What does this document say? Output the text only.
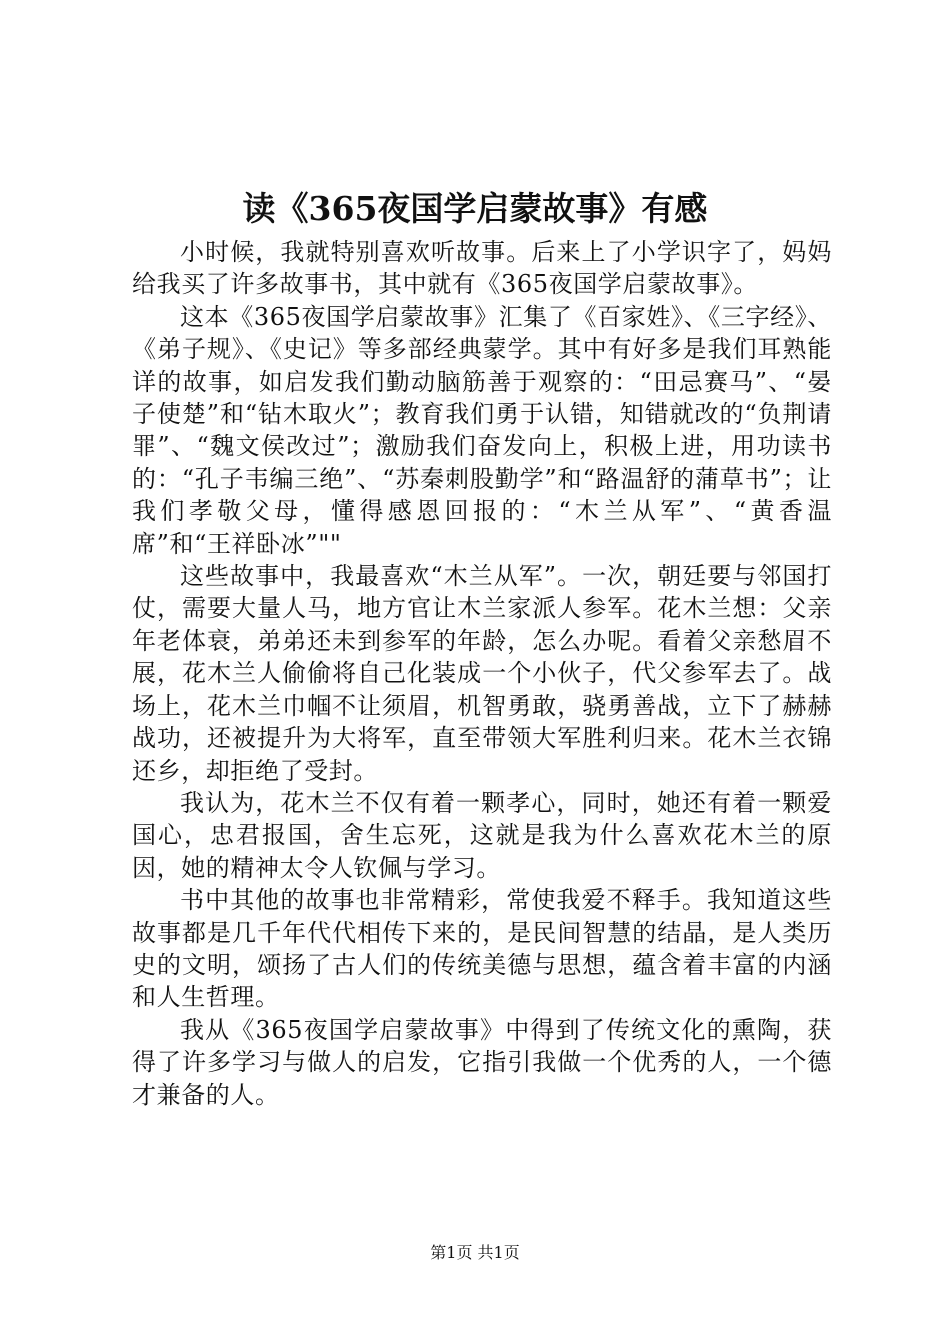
读《365夜国学启蒙故事》有感

小时候，我就特别喜欢听故事。后来上了小学识字了，妈妈给我买了许多故事书，其中就有《365夜国学启蒙故事》。

这本《365夜国学启蒙故事》汇集了《百家姓》、《三字经》、《弟子规》、《史记》等多部经典蒙学。其中有好多是我们耳熟能详的故事，如启发我们勤动脑筋善于观察的：“田忌赛马”、“晏子使楚”和“钻木取火”；教育我们勇于认错，知错就改的“负荆请罪”、“魏文侯改过”；激励我们奋发向上，积极上进，用功读书的：“孔子韦编三绝”、“苏秦刺股勤学”和“路温舒的蒲草书”；让我们孝敬父母，懂得感恩回报的：“木兰从军”、“黄香温席”和“王祥卧冰”""

这些故事中，我最喜欢“木兰从军”。一次，朝廷要与邻国打仗，需要大量人马，地方官让木兰家派人参军。花木兰想：父亲年老体衰，弟弟还未到参军的年龄，怎么办呢。看着父亲愁眉不展，花木兰人偷偷将自己化装成一个小伙子，代父参军去了。战场上，花木兰巾帼不让须眉，机智勇敢，骁勇善战，立下了赫赫战功，还被提升为大将军，直至带领大军胜利归来。花木兰衣锦还乡，却拒绝了受封。

我认为，花木兰不仅有着一颗孝心，同时，她还有着一颗爱国心，忠君报国，舍生忘死，这就是我为什么喜欢花木兰的原因，她的精神太令人钦佩与学习。

书中其他的故事也非常精彩，常使我爱不释手。我知道这些故事都是几千年代代相传下来的，是民间智慧的结晶，是人类历史的文明，颂扬了古人们的传统美德与思想，蕴含着丰富的内涵和人生哲理。

我从《365夜国学启蒙故事》中得到了传统文化的熏陶，获得了许多学习与做人的启发，它指引我做一个优秀的人，一个德才兼备的人。

第1页 共1页
